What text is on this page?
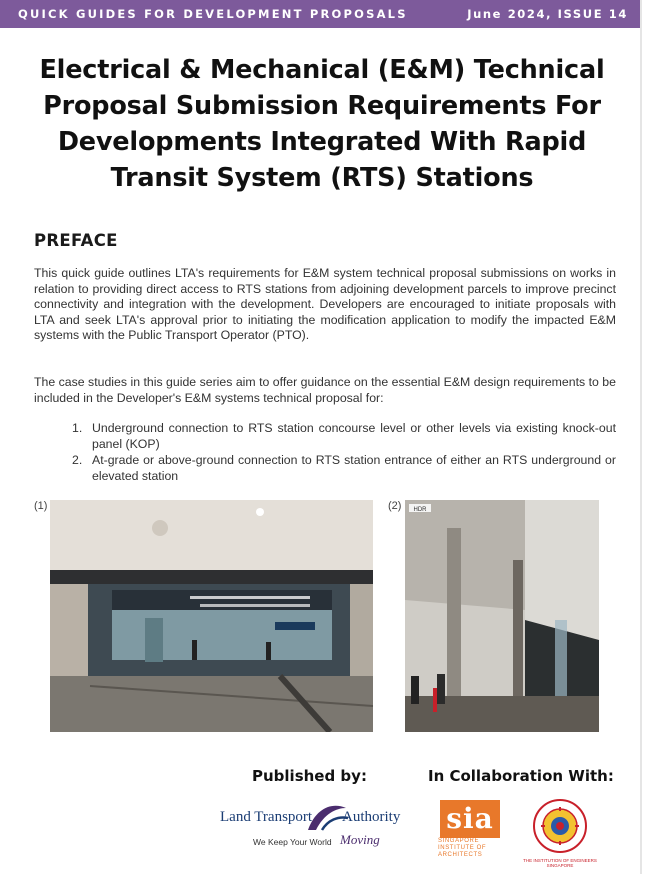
QUICK GUIDES FOR DEVELOPMENT PROPOSALS	June 2024, ISSUE 14
Electrical & Mechanical (E&M) Technical
Proposal Submission Requirements For
Developments Integrated With Rapid
Transit System (RTS) Stations
PREFACE

This quick guide outlines LTA's requirements for E&M system technical proposal submissions on works in relation to providing direct access to RTS stations from adjoining development parcels to improve precinct connectivity and integration with the development. Developers are encouraged to initiate proposals with LTA and seek LTA's approval prior to initiating the modification application to modify the impacted E&M systems with the Public Transport Operator (PTO).

The case studies in this guide series aim to offer guidance on the essential E&M design requirements to be included in the Developer's E&M systems technical proposal for:

1. Underground connection to RTS station concourse level or other levels via existing knock-out panel (KOP)
2. At-grade or above-ground connection to RTS station entrance of either an RTS underground or elevated station
(1)	(2) HDR
Published by:	In Collaboration With:
Land Transport Authority
We Keep Your World Moving
sia
SINGAPORE INSTITUTE OF ARCHITECTS
THE INSTITUTION OF ENGINEERS SINGAPORE
